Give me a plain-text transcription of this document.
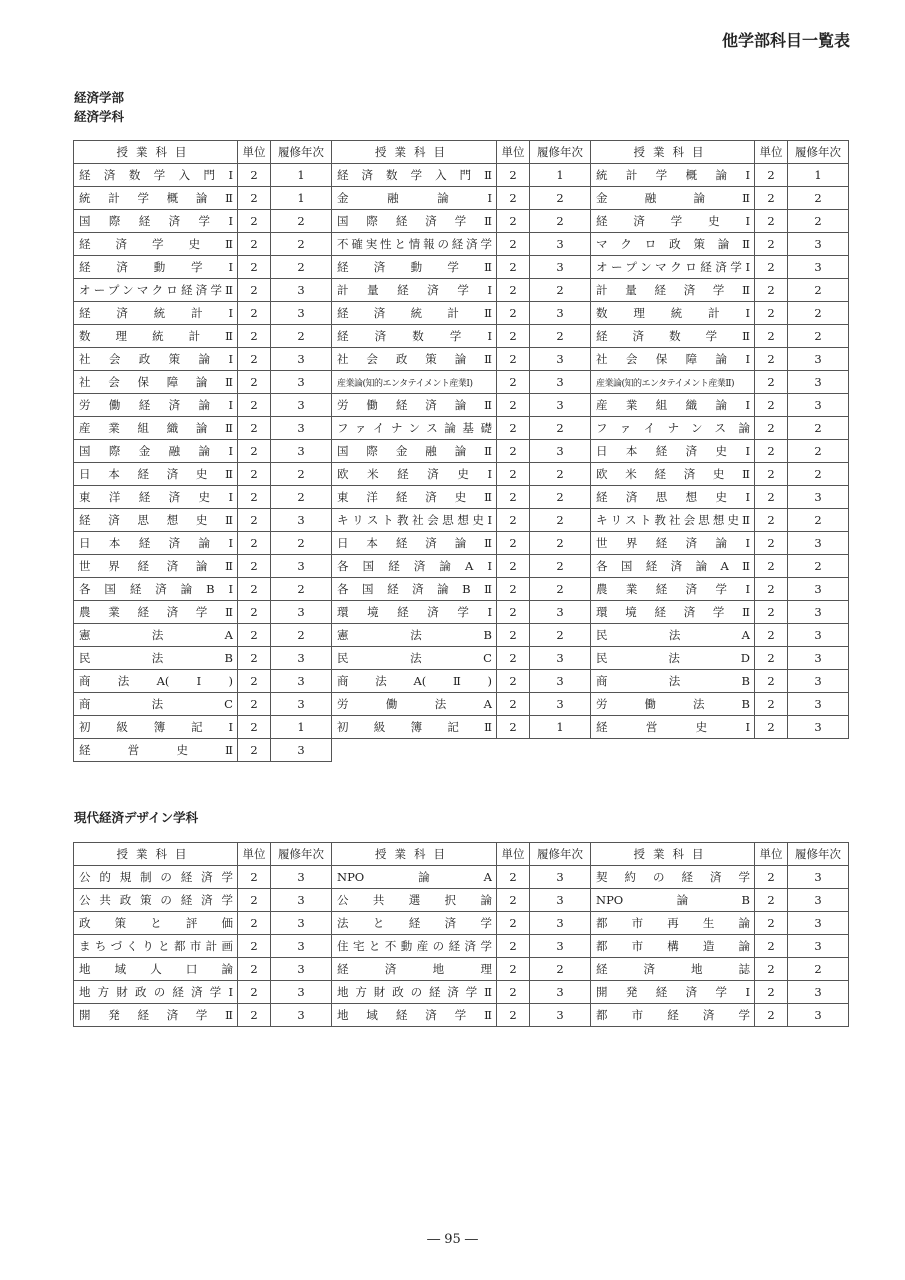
他学部科目一覧表
経済学部
経済学科
授業科目	単位	履修年次	授業科目	単位	履修年次	授業科目	単位	履修年次

経済数学入門Ⅰ	2	1	経済数学入門Ⅱ	2	1	統計学概論Ⅰ	2	1

統計学概論Ⅱ	2	1	金融論Ⅰ	2	2	金融論Ⅱ	2	2

国際経済学Ⅰ	2	2	国際経済学Ⅱ	2	2	経済学史Ⅰ	2	2

経済学史Ⅱ	2	2	不確実性と情報の経済学	2	3	マクロ政策論Ⅱ	2	3

経済動学Ⅰ	2	2	経済動学Ⅱ	2	3	オープンマクロ経済学Ⅰ	2	3

オープンマクロ経済学Ⅱ	2	3	計量経済学Ⅰ	2	2	計量経済学Ⅱ	2	2

経済統計Ⅰ	2	3	経済統計Ⅱ	2	3	数理統計Ⅰ	2	2

数理統計Ⅱ	2	2	経済数学Ⅰ	2	2	経済数学Ⅱ	2	2

社会政策論Ⅰ	2	3	社会政策論Ⅱ	2	3	社会保障論Ⅰ	2	3

社会保障論Ⅱ	2	3	産業論(知的エンタテイメント産業Ⅰ)	2	3	産業論(知的エンタテイメント産業Ⅱ)	2	3

労働経済論Ⅰ	2	3	労働経済論Ⅱ	2	3	産業組織論Ⅰ	2	3

産業組織論Ⅱ	2	3	ファイナンス論基礎	2	2	ファイナンス論	2	2

国際金融論Ⅰ	2	3	国際金融論Ⅱ	2	3	日本経済史Ⅰ	2	2

日本経済史Ⅱ	2	2	欧米経済史Ⅰ	2	2	欧米経済史Ⅱ	2	2

東洋経済史Ⅰ	2	2	東洋経済史Ⅱ	2	2	経済思想史Ⅰ	2	3

経済思想史Ⅱ	2	3	キリスト教社会思想史Ⅰ	2	2	キリスト教社会思想史Ⅱ	2	2

日本経済論Ⅰ	2	2	日本経済論Ⅱ	2	2	世界経済論Ⅰ	2	3

世界経済論Ⅱ	2	3	各国経済論AⅠ	2	2	各国経済論AⅡ	2	2

各国経済論BⅠ	2	2	各国経済論BⅡ	2	2	農業経済学Ⅰ	2	3

農業経済学Ⅱ	2	3	環境経済学Ⅰ	2	3	環境経済学Ⅱ	2	3

憲法A	2	2	憲法B	2	2	民法A	2	3

民法B	2	3	民法C	2	3	民法D	2	3

商法A(Ⅰ)	2	3	商法A(Ⅱ)	2	3	商法B	2	3

商法C	2	3	労働法A	2	3	労働法B	2	3

初級簿記Ⅰ	2	1	初級簿記Ⅱ	2	1	経営史Ⅰ	2	3

経営史Ⅱ	2	3						
現代経済デザイン学科
授業科目	単位	履修年次	授業科目	単位	履修年次	授業科目	単位	履修年次

公的規制の経済学	2	3	NPO論A	2	3	契約の経済学	2	3

公共政策の経済学	2	3	公共選択論	2	3	NPO論B	2	3

政策と評価	2	3	法と経済学	2	3	都市再生論	2	3

まちづくりと都市計画	2	3	住宅と不動産の経済学	2	3	都市構造論	2	3

地域人口論	2	3	経済地理	2	2	経済地誌	2	2

地方財政の経済学Ⅰ	2	3	地方財政の経済学Ⅱ	2	3	開発経済学Ⅰ	2	3

開発経済学Ⅱ	2	3	地域経済学Ⅱ	2	3	都市経済学	2	3
― 95 ―
